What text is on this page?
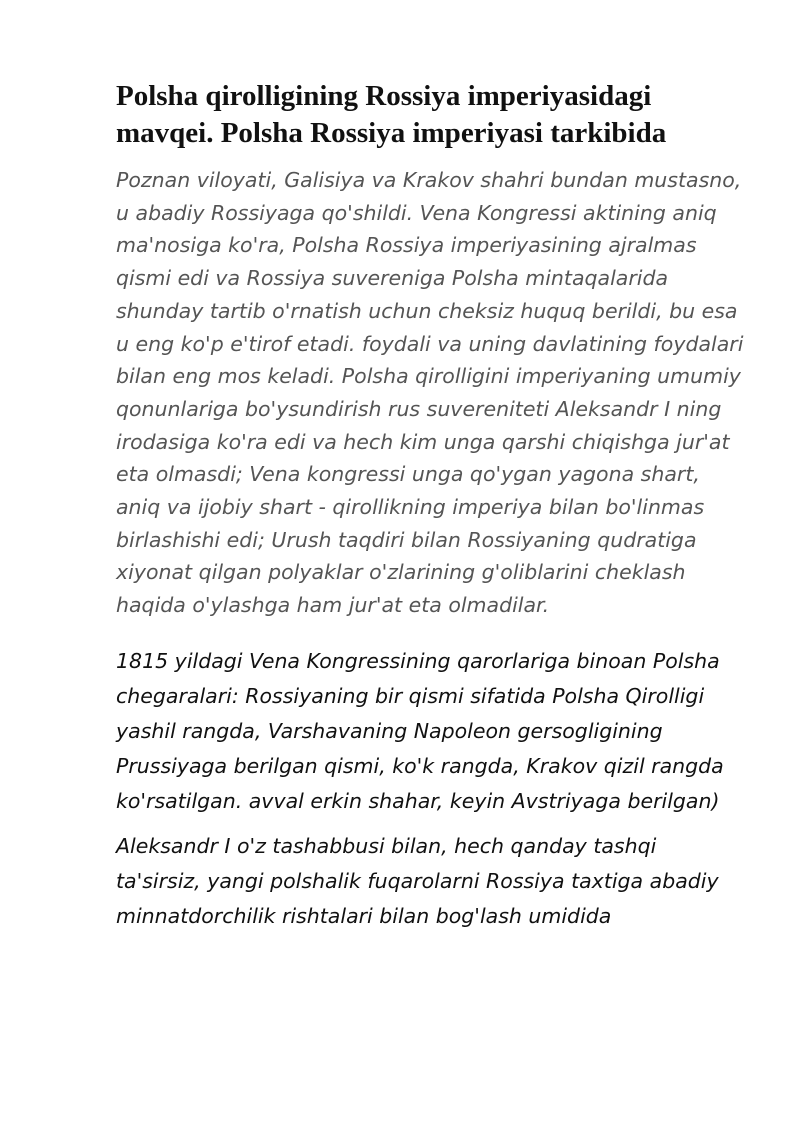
Polsha qirolligining Rossiya imperiyasidagi mavqei. Polsha Rossiya imperiyasi tarkibida

Poznan viloyati, Galisiya va Krakov shahri bundan mustasno, u abadiy Rossiyaga qo'shildi. Vena Kongressi aktining aniq ma'nosiga ko'ra, Polsha Rossiya imperiyasining ajralmas qismi edi va Rossiya suvereniga Polsha mintaqalarida shunday tartib o'rnatish uchun cheksiz huquq berildi, bu esa u eng ko'p e'tirof etadi. foydali va uning davlatining foydalari bilan eng mos keladi. Polsha qirolligini imperiyaning umumiy qonunlariga bo'ysundirish rus suvereniteti Aleksandr I ning irodasiga ko'ra edi va hech kim unga qarshi chiqishga jur'at eta olmasdi; Vena kongressi unga qo'ygan yagona shart, aniq va ijobiy shart - qirollikning imperiya bilan bo'linmas birlashishi edi; Urush taqdiri bilan Rossiyaning qudratiga xiyonat qilgan polyaklar o'zlarining g'oliblarini cheklash haqida o'ylashga ham jur'at eta olmadilar.

1815 yildagi Vena Kongressining qarorlariga binoan Polsha chegaralari: Rossiyaning bir qismi sifatida Polsha Qirolligi yashil rangda, Varshavaning Napoleon gersogligining Prussiyaga berilgan qismi, ko'k rangda, Krakov qizil rangda ko'rsatilgan. avval erkin shahar, keyin Avstriyaga berilgan)

Aleksandr I o'z tashabbusi bilan, hech qanday tashqi ta'sirsiz, yangi polshalik fuqarolarni Rossiya taxtiga abadiy minnatdorchilik rishtalari bilan bog'lash umidida
